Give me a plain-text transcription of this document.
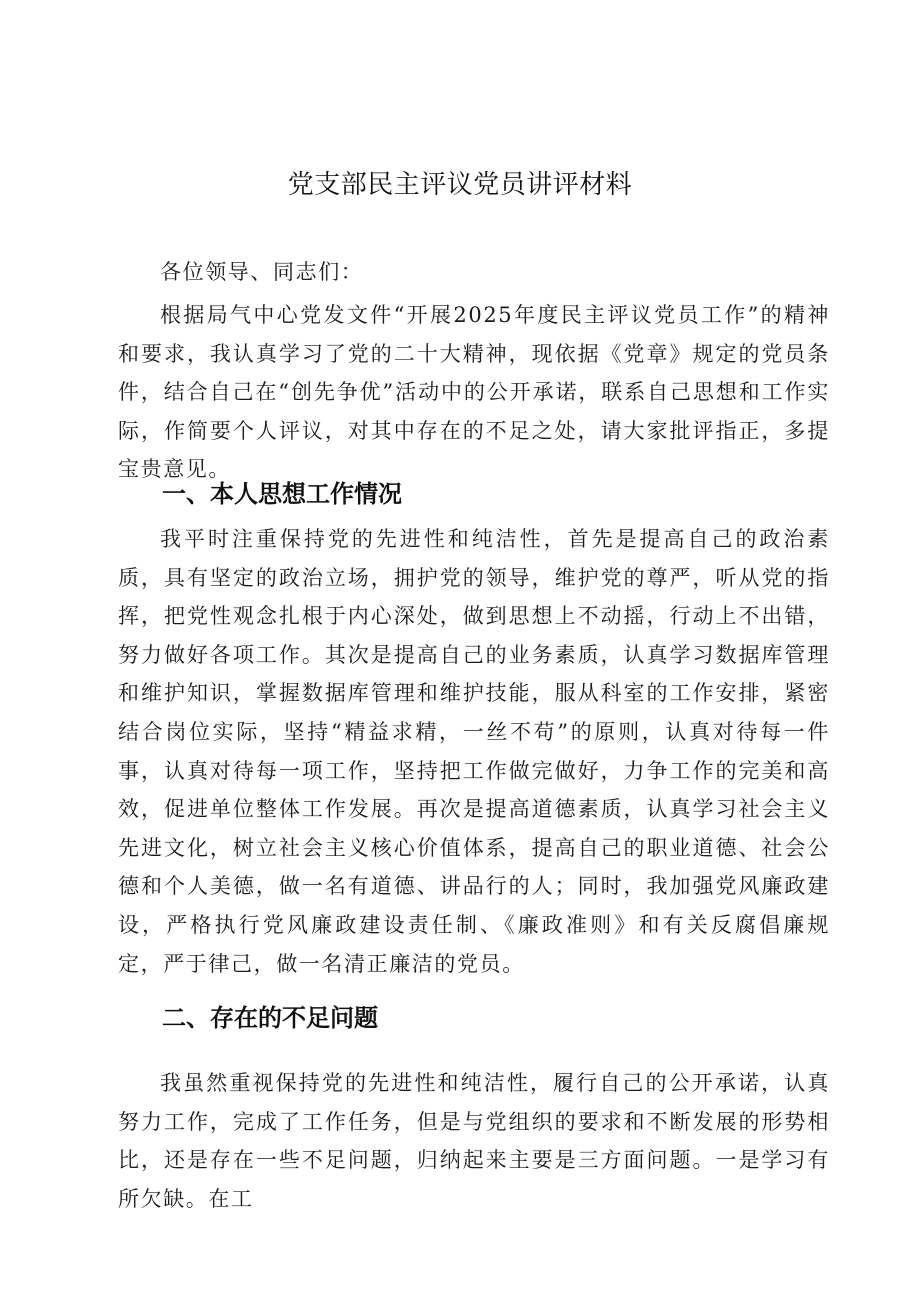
党支部民主评议党员讲评材料

各位领导、同志们：

根据局气中心党发文件“开展2025年度民主评议党员工作”的精神和要求，我认真学习了党的二十大精神，现依据《党章》规定的党员条件，结合自己在“创先争优”活动中的公开承诺，联系自己思想和工作实际，作简要个人评议，对其中存在的不足之处，请大家批评指正，多提宝贵意见。

一、本人思想工作情况

我平时注重保持党的先进性和纯洁性，首先是提高自己的政治素质，具有坚定的政治立场，拥护党的领导，维护党的尊严，听从党的指挥，把党性观念扎根于内心深处，做到思想上不动摇，行动上不出错，努力做好各项工作。其次是提高自己的业务素质，认真学习数据库管理和维护知识，掌握数据库管理和维护技能，服从科室的工作安排，紧密结合岗位实际，坚持“精益求精，一丝不苟”的原则，认真对待每一件事，认真对待每一项工作，坚持把工作做完做好，力争工作的完美和高效，促进单位整体工作发展。再次是提高道德素质，认真学习社会主义先进文化，树立社会主义核心价值体系，提高自己的职业道德、社会公德和个人美德，做一名有道德、讲品行的人；同时，我加强党风廉政建设，严格执行党风廉政建设责任制、《廉政准则》和有关反腐倡廉规定，严于律己，做一名清正廉洁的党员。

二、存在的不足问题

我虽然重视保持党的先进性和纯洁性，履行自己的公开承诺，认真努力工作，完成了工作任务，但是与党组织的要求和不断发展的形势相比，还是存在一些不足问题，归纳起来主要是三方面问题。一是学习有所欠缺。在工
